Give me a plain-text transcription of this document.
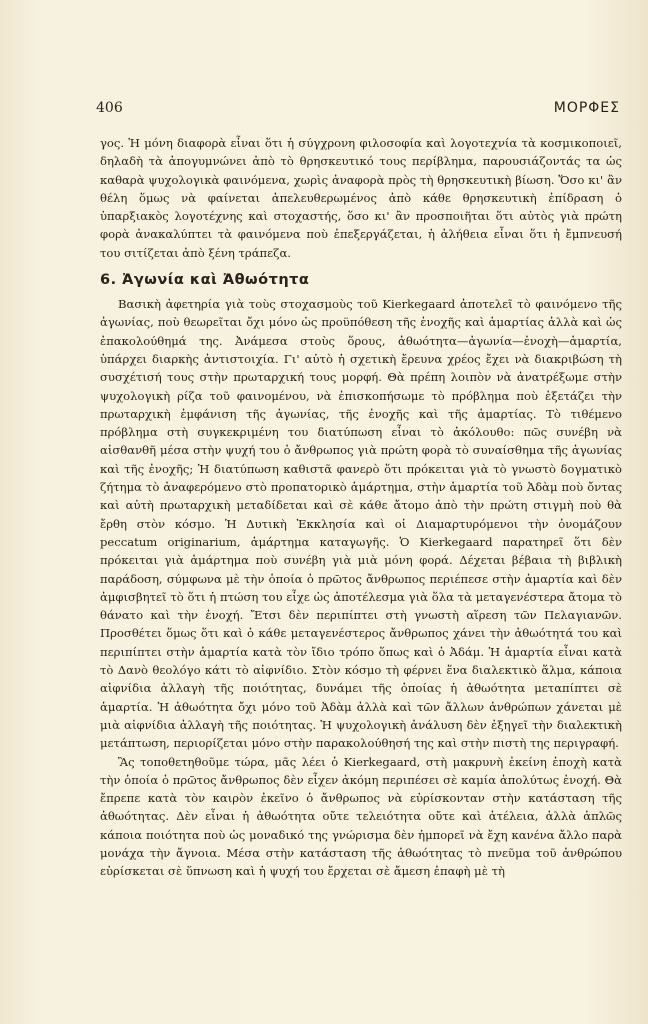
406	ΜΟΡΦΕΣ

γος. Ἡ μόνη διαφορὰ εἶναι ὅτι ἡ σύγχρονη φιλοσοφία καὶ λογοτεχνία τὰ κοσμικοποιεῖ, δηλαδὴ τὰ ἀπογυμνώνει ἀπὸ τὸ θρησκευτικό τους περίβλημα, παρουσιάζοντάς τα ὡς καθαρὰ ψυχολογικὰ φαινόμενα, χωρὶς ἀναφορὰ πρὸς τὴ θρησκευτικὴ βίωση. Ὅσο κι' ἂν θέλη ὅμως νὰ φαίνεται ἀπελευθερωμένος ἀπὸ κάθε θρησκευτικὴ ἐπίδραση ὁ ὑπαρξιακὸς λογοτέχνης καὶ στοχαστής, ὅσο κι' ἂν προσποιῆται ὅτι αὐτὸς γιὰ πρώτη φορὰ ἀνακαλύπτει τὰ φαινόμενα ποὺ ἐπεξεργάζεται, ἡ ἀλήθεια εἶναι ὅτι ἡ ἔμπνευσή του σιτίζεται ἀπὸ ξένη τράπεζα.

6. Ἀγωνία καὶ Ἀθωότητα

Βασικὴ ἀφετηρία γιὰ τοὺς στοχασμοὺς τοῦ Kierkegaard ἀποτελεῖ τὸ φαινόμενο τῆς ἀγωνίας, ποὺ θεωρεῖται ὄχι μόνο ὡς προϋπόθεση τῆς ἐνοχῆς καὶ ἁμαρτίας ἀλλὰ καὶ ὡς ἐπακολούθημά της. Ἀνάμεσα στοὺς ὅρους, ἀθωότητα—ἀγωνία—ἐνοχὴ—ἁμαρτία, ὑπάρχει διαρκὴς ἀντιστοιχία. Γι' αὐτὸ ἡ σχετικὴ ἔρευνα χρέος ἔχει νὰ διακριβώση τὴ συσχέτισή τους στὴν πρωταρχική τους μορφή. Θὰ πρέπη λοιπὸν νὰ ἀνατρέξωμε στὴν ψυχολογικὴ ρίζα τοῦ φαινομένου, νὰ ἐπισκοπήσωμε τὸ πρόβλημα ποὺ ἐξετάζει τὴν πρωταρχικὴ ἐμφάνιση τῆς ἀγωνίας, τῆς ἐνοχῆς καὶ τῆς ἁμαρτίας. Τὸ τιθέμενο πρόβλημα στὴ συγκεκριμένη του διατύπωση εἶναι τὸ ἀκόλουθο: πῶς συνέβη νὰ αἰσθανθῆ μέσα στὴν ψυχή του ὁ ἄνθρωπος γιὰ πρώτη φορὰ τὸ συναίσθημα τῆς ἀγωνίας καὶ τῆς ἐνοχῆς; Ἡ διατύπωση καθιστᾶ φανερὸ ὅτι πρόκειται γιὰ τὸ γνωστὸ δογματικὸ ζήτημα τὸ ἀναφερόμενο στὸ προπατορικὸ ἁμάρτημα, στὴν ἁμαρτία τοῦ Ἀδὰμ ποὺ ὄντας καὶ αὐτὴ πρωταρχικὴ μεταδίδεται καὶ σὲ κάθε ἄτομο ἀπὸ τὴν πρώτη στιγμὴ ποὺ θὰ ἔρθη στὸν κόσμο. Ἡ Δυτικὴ Ἐκκλησία καὶ οἱ Διαμαρτυρόμενοι τὴν ὀνομάζουν peccatum originarium, ἁμάρτημα καταγωγῆς. Ὁ Kierkegaard παρατηρεῖ ὅτι δὲν πρόκειται γιὰ ἁμάρτημα ποὺ συνέβη γιὰ μιὰ μόνη φορά. Δέχεται βέβαια τὴ βιβλικὴ παράδοση, σύμφωνα μὲ τὴν ὁποία ὁ πρῶτος ἄνθρωπος περιέπεσε στὴν ἁμαρτία καὶ δὲν ἀμφισβητεῖ τὸ ὅτι ἡ πτώση του εἶχε ὡς ἀποτέλεσμα γιὰ ὅλα τὰ μεταγενέστερα ἄτομα τὸ θάνατο καὶ τὴν ἐνοχή. Ἔτσι δὲν περιπίπτει στὴ γνωστὴ αἵρεση τῶν Πελαγιανῶν. Προσθέτει ὅμως ὅτι καὶ ὁ κάθε μεταγενέστερος ἄνθρωπος χάνει τὴν ἀθωότητά του καὶ περιπίπτει στὴν ἁμαρτία κατὰ τὸν ἴδιο τρόπο ὅπως καὶ ὁ Ἀδάμ. Ἡ ἁμαρτία εἶναι κατὰ τὸ Δανὸ θεολόγο κάτι τὸ αἰφνίδιο. Στὸν κόσμο τὴ φέρνει ἕνα διαλεκτικὸ ἅλμα, κάποια αἰφνίδια ἀλλαγὴ τῆς ποιότητας, δυνάμει τῆς ὁποίας ἡ ἀθωότητα μεταπίπτει σὲ ἁμαρτία. Ἡ ἀθωότητα ὄχι μόνο τοῦ Ἀδὰμ ἀλλὰ καὶ τῶν ἄλλων ἀνθρώπων χάνεται μὲ μιὰ αἰφνίδια ἀλλαγὴ τῆς ποιότητας. Ἡ ψυχολογικὴ ἀνάλυση δὲν ἐξηγεῖ τὴν διαλεκτικὴ μετάπτωση, περιορίζεται μόνο στὴν παρακολούθησή της καὶ στὴν πιστὴ της περιγραφή.

Ἂς τοποθετηθοῦμε τώρα, μᾶς λέει ὁ Kierkegaard, στὴ μακρυνὴ ἐκείνη ἐποχὴ κατὰ τὴν ὁποία ὁ πρῶτος ἄνθρωπος δὲν εἶχεν ἀκόμη περιπέσει σὲ καμία ἀπολύτως ἐνοχή. Θὰ ἔπρεπε κατὰ τὸν καιρὸν ἐκεῖνο ὁ ἄνθρωπος νὰ εὑρίσκονταν στὴν κατάσταση τῆς ἀθωότητας. Δὲν εἶναι ἡ ἀθωότητα οὔτε τελειότητα οὔτε καὶ ἀτέλεια, ἀλλὰ ἁπλῶς κάποια ποιότητα ποὺ ὡς μοναδικό της γνώρισμα δὲν ἠμπορεῖ νὰ ἔχη κανένα ἄλλο παρὰ μονάχα τὴν ἄγνοια. Μέσα στὴν κατάσταση τῆς ἀθωότητας τὸ πνεῦμα τοῦ ἀνθρώπου εὑρίσκεται σὲ ὕπνωση καὶ ἡ ψυχή του ἔρχεται σὲ ἄμεση ἐπαφὴ μὲ τὴ
